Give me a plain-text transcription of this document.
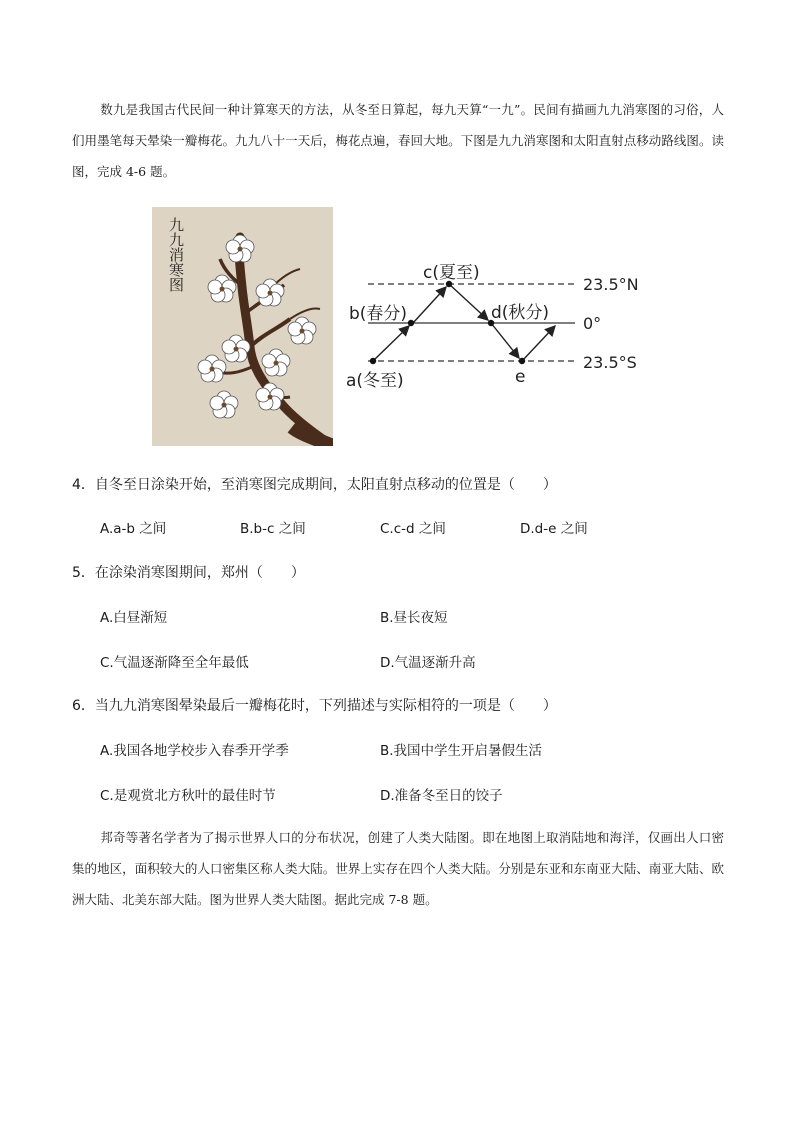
数九是我国古代民间一种计算寒天的方法，从冬至日算起，每九天算“一九”。民间有描画九九消寒图的习俗，人们用墨笔每天晕染一瓣梅花。九九八十一天后，梅花点遍，春回大地。下图是九九消寒图和太阳直射点移动路线图。读图，完成 4-6 题。

九九消寒图	c(夏至)
b(春分)	d(秋分)
a(冬至)	e
23.5°N
0°
23.5°S

4．自冬至日涂染开始，至消寒图完成期间，太阳直射点移动的位置是（　　）

A.a-b 之间	B.b-c 之间	C.c-d 之间	D.d-e 之间

5．在涂染消寒图期间，郑州（　　）

A.白昼渐短	B.昼长夜短

C.气温逐渐降至全年最低	D.气温逐渐升高

6．当九九消寒图晕染最后一瓣梅花时，下列描述与实际相符的一项是（　　）

A.我国各地学校步入春季开学季	B.我国中学生开启暑假生活

C.是观赏北方秋叶的最佳时节	D.准备冬至日的饺子

邦奇等著名学者为了揭示世界人口的分布状况，创建了人类大陆图。即在地图上取消陆地和海洋，仅画出人口密集的地区，面积较大的人口密集区称人类大陆。世界上实存在四个人类大陆。分别是东亚和东南亚大陆、南亚大陆、欧洲大陆、北美东部大陆。图为世界人类大陆图。据此完成 7-8 题。
